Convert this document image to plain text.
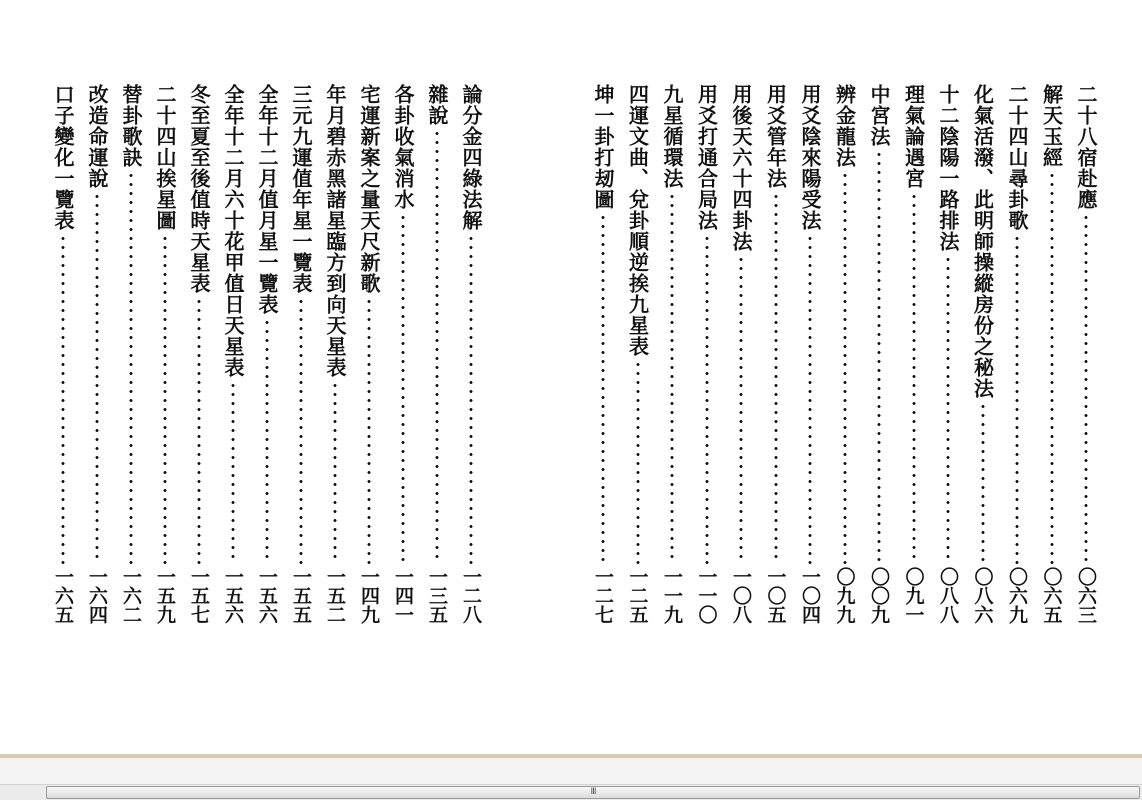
二十八宿赴應
〇六三
解天玉經
〇六五
二十四山尋卦歌
〇六九
化氣活潑、此明師操縱房份之秘法
〇八六
十二陰陽一路排法
〇八八
理氣論遇宮
〇九一
中宮法
〇〇九
辨金龍法
〇九九
用爻陰來陽受法
一〇四
用爻管年法
一〇五
用後天六十四卦法
一〇八
用爻打通合局法
一一〇
九星循環法
一一九
四運文曲、兌卦順逆挨九星表
一二五
坤一卦打刼圖
一二七
論分金四綠法解
一二八
雜說
一三五
各卦收氣消水
一四一
宅運新案之量天尺新歌
一四九
年月碧赤黑諸星臨方到向天星表
一五二
三元九運值年星一覽表
一五五
全年十二月值月星一覽表
一五六
全年十二月六十花甲值日天星表
一五六
冬至夏至後值時天星表
一五七
二十四山挨星圖
一五九
替卦歌訣
一六二
改造命運說
一六四
口子變化一覽表
一六五
III
